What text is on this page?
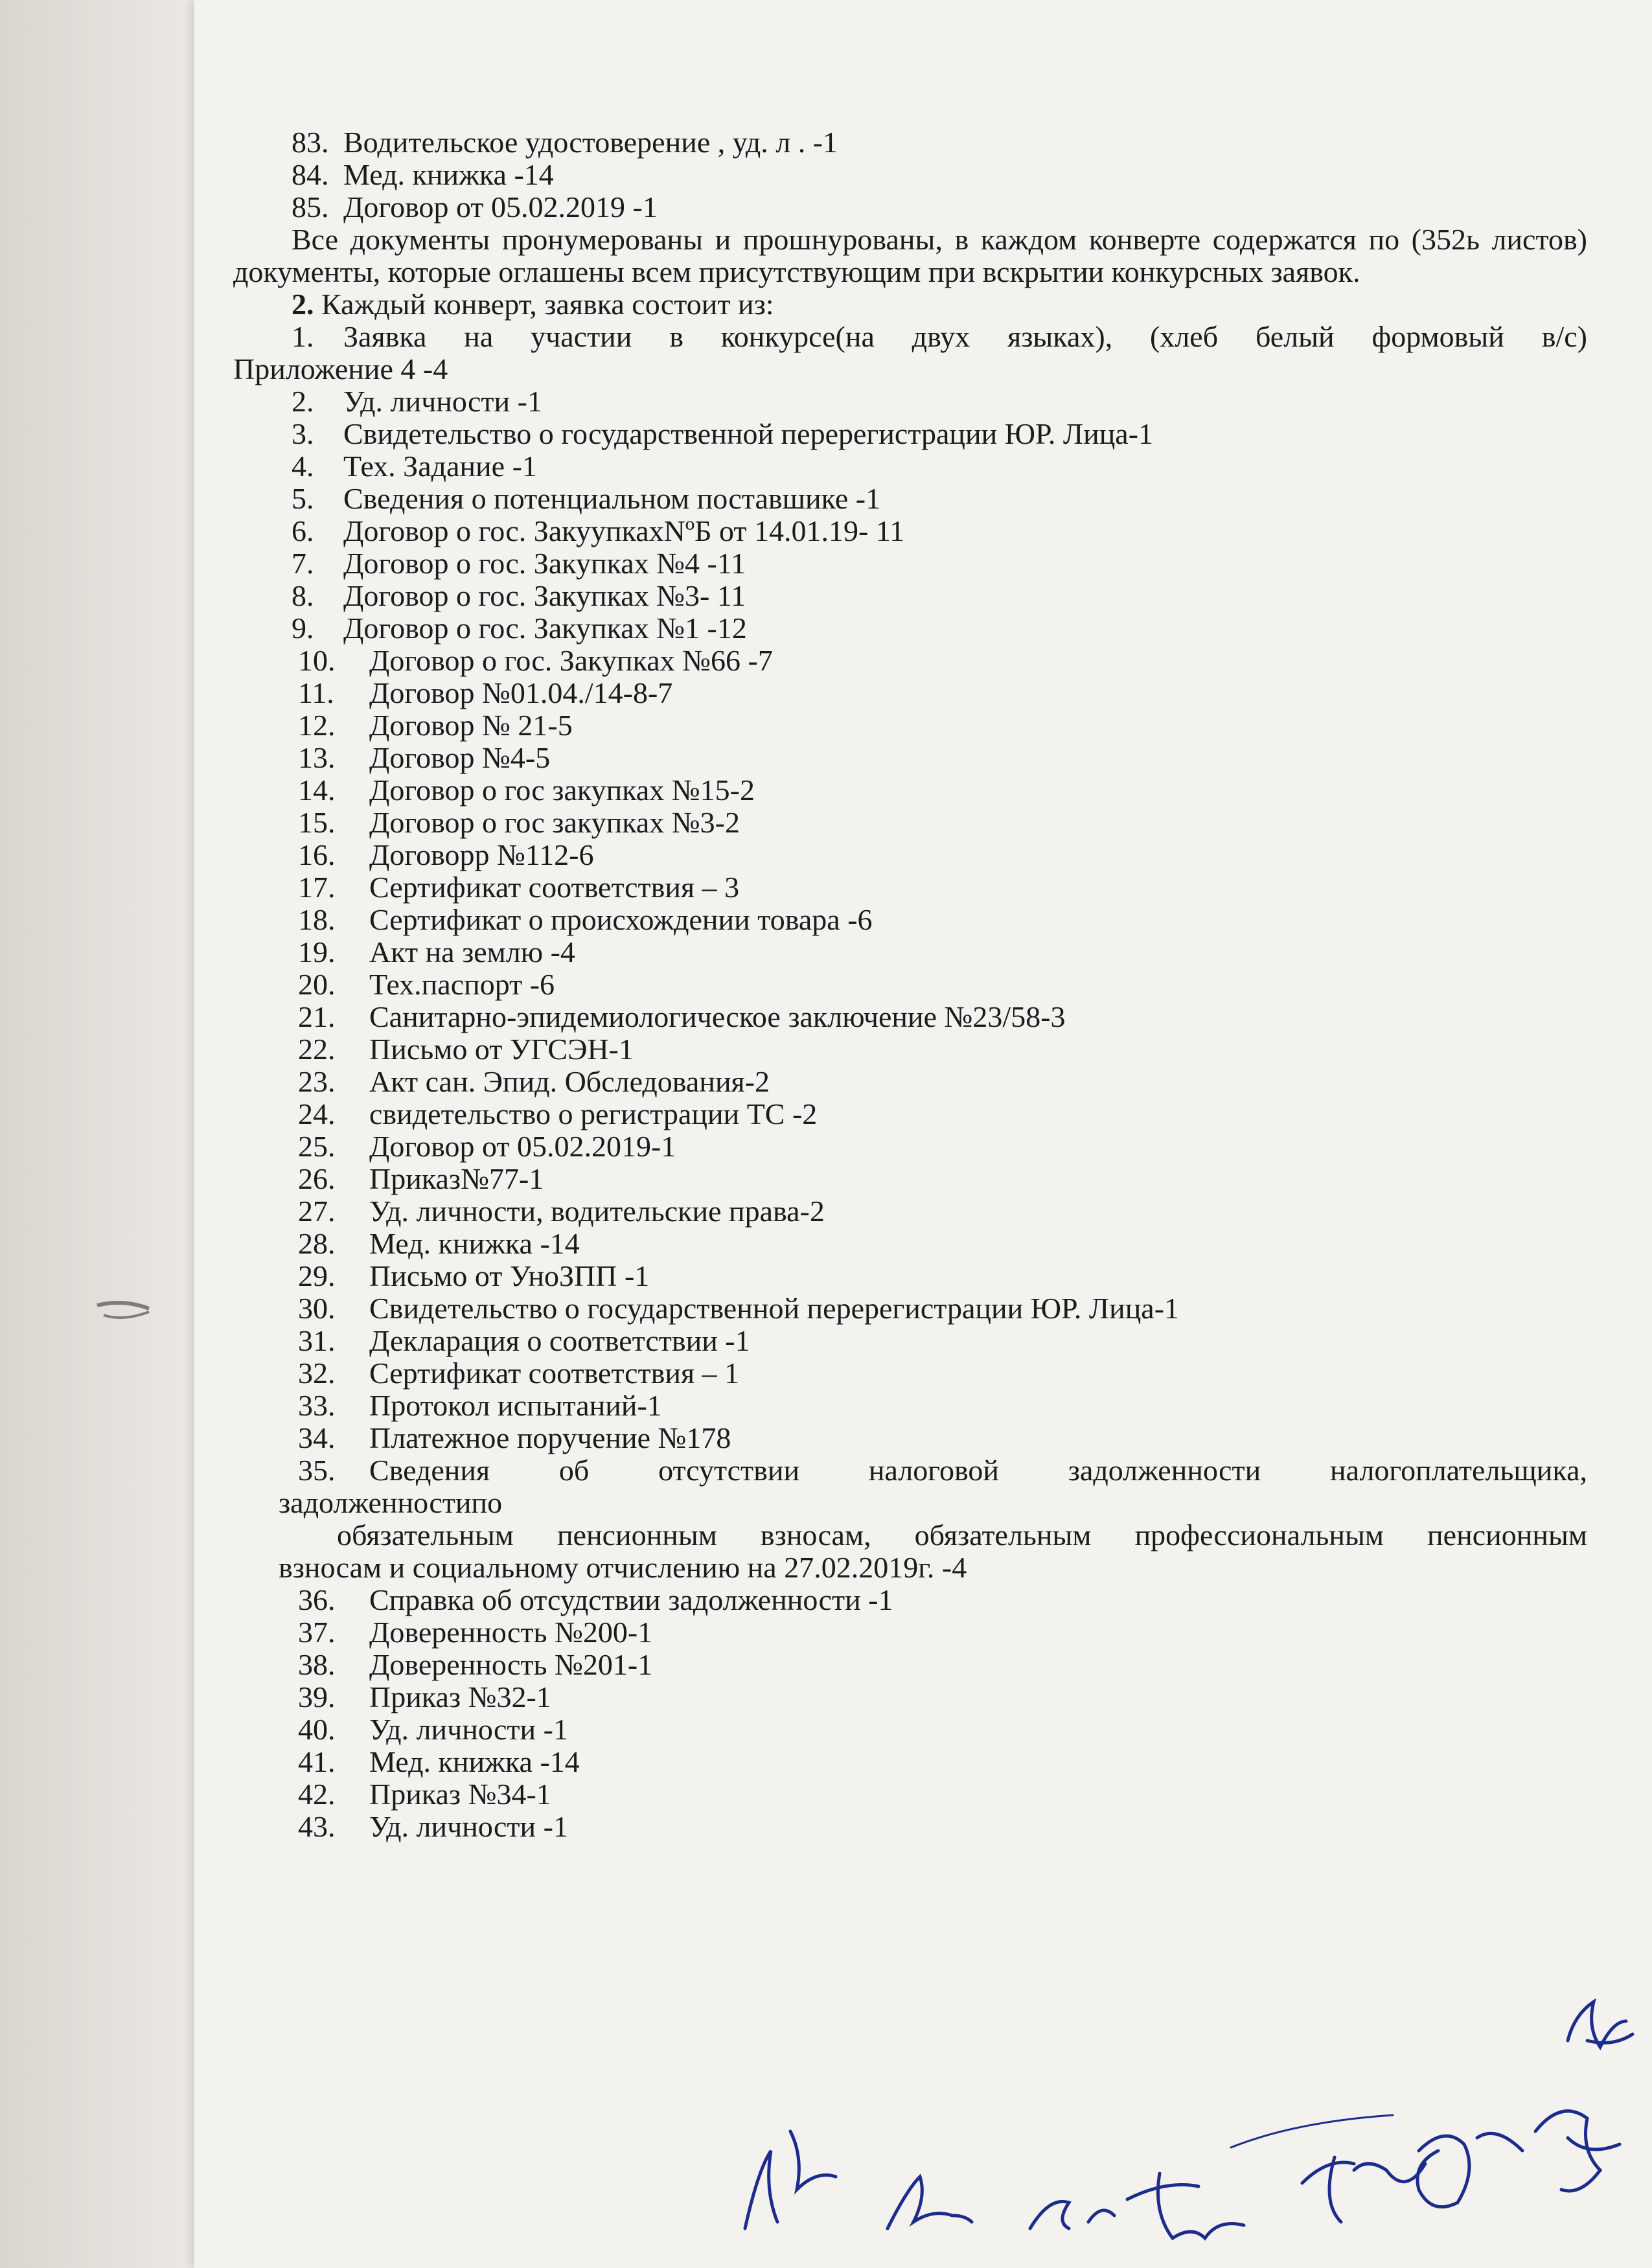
83. Водительское удостоверение , уд. л . -1
84. Мед. книжка -14
85. Договор от 05.02.2019 -1

Все документы пронумерованы и прошнурованы, в каждом конверте содержатся по (352ь листов) документы, которые оглашены всем присутствующим при вскрытии конкурсных заявок.

2. Каждый конверт, заявка состоит из:
1. Заявка на участии в конкурсе(на двух языках), (хлеб белый формовый в/с)
Приложение 4 -4
2. Уд. личности -1
3. Свидетельство о государственной перерегистрации ЮР. Лица-1
4. Тех. Задание -1
5. Сведения о потенциальном поставшике -1
6. Договор о гос. ЗакуупкахNºБ от 14.01.19- 11
7. Договор о гос. Закупках №4 -11
8. Договор о гос. Закупках №3- 11
9. Договор о гос. Закупках №1 -12
10.	Договор о гос. Закупках №66 -7
11.	Договор №01.04./14-8-7
12.	Договор № 21-5
13.	Договор №4-5
14.	Договор о гос закупках №15-2
15.	Договор о гос закупках №3-2
16.	Договорр №112-6
17.	Сертификат соответствия – 3
18.	Сертификат о происхождении товара -6
19.	Акт на землю -4
20.	Тех.паспорт -6
21.	Санитарно-эпидемиологическое заключение №23/58-3
22.	Письмо от УГСЭН-1
23.	Акт сан. Эпид. Обследования-2
24.	свидетельство о регистрации ТС -2
25.	Договор от 05.02.2019-1
26.	Приказ№77-1
27.	Уд. личности, водительские права-2
28.	Мед. книжка -14
29.	Письмо от УноЗПП -1
30.	Свидетельство о государственной перерегистрации ЮР. Лица-1
31.	Декларация о соответствии -1
32.	Сертификат соответствия – 1
33.	Протокол испытаний-1
34.	Платежное поручение №178
35. Сведения об отсутствии налоговой задолженности налогоплательщика,
задолженностипо
обязательным пенсионным взносам, обязательным профессиональным пенсионным
взносам и социальному отчислению на 27.02.2019г. -4
36.	Справка об отсудствии задолженности -1
37.	Доверенность №200-1
38.	Доверенность №201-1
39.	Приказ №32-1
40.	Уд. личности -1
41.	Мед. книжка -14
42.	Приказ №34-1
43.	Уд. личности -1
